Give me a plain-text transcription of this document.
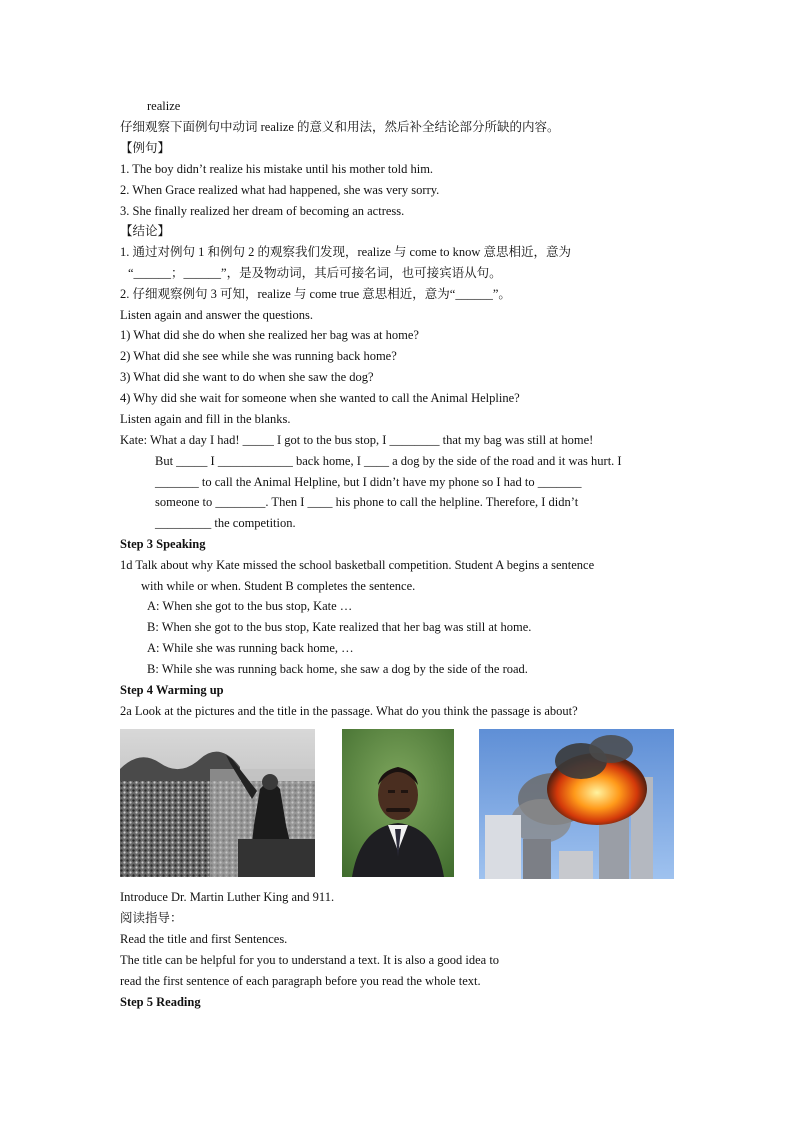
realize
仔细观察下面例句中动词 realize 的意义和用法，然后补全结论部分所缺的内容。
【例句】
1. The boy didn’t realize his mistake until his mother told him.
2. When Grace realized what had happened, she was very sorry.
3. She finally realized her dream of becoming an actress.
【结论】
1. 通过对例句 1 和例句 2 的观察我们发现，realize 与 come to know 意思相近，意为
“______；______”，是及物动词，其后可接名词，也可接宾语从句。
2. 仔细观察例句 3 可知，realize 与 come true 意思相近，意为“______”。
Listen again and answer the questions.
1) What did she do when she realized her bag was at home?
2) What did she see while she was running back home?
3) What did she want to do when she saw the dog?
4) Why did she wait for someone when she wanted to call the Animal Helpline?
Listen again and fill in the blanks.
Kate: What a day I had! _____ I got to the bus stop, I ________ that my bag was still at home!
But _____ I ____________ back home, I ____ a dog by the side of the road and it was hurt. I
_______ to call the Animal Helpline, but I didn’t have my phone so I had to _______
someone to ________. Then I ____ his phone to call the helpline. Therefore, I didn’t
_________ the competition.
Step 3 Speaking
1d Talk about why Kate missed the school basketball competition. Student A begins a sentence
with while or when. Student B completes the sentence.
A: When she got to the bus stop, Kate …
B: When she got to the bus stop, Kate realized that her bag was still at home.
A: While she was running back home, …
B: While she was running back home, she saw a dog by the side of the road.
Step 4 Warming up
2a Look at the pictures and the title in the passage. What do you think the passage is about?
Introduce Dr. Martin Luther King and 911.
阅读指导：
Read the title and first Sentences.
The title can be helpful for you to understand a text. It is also a good idea to
read the first sentence of each paragraph before you read the whole text.
Step 5 Reading
